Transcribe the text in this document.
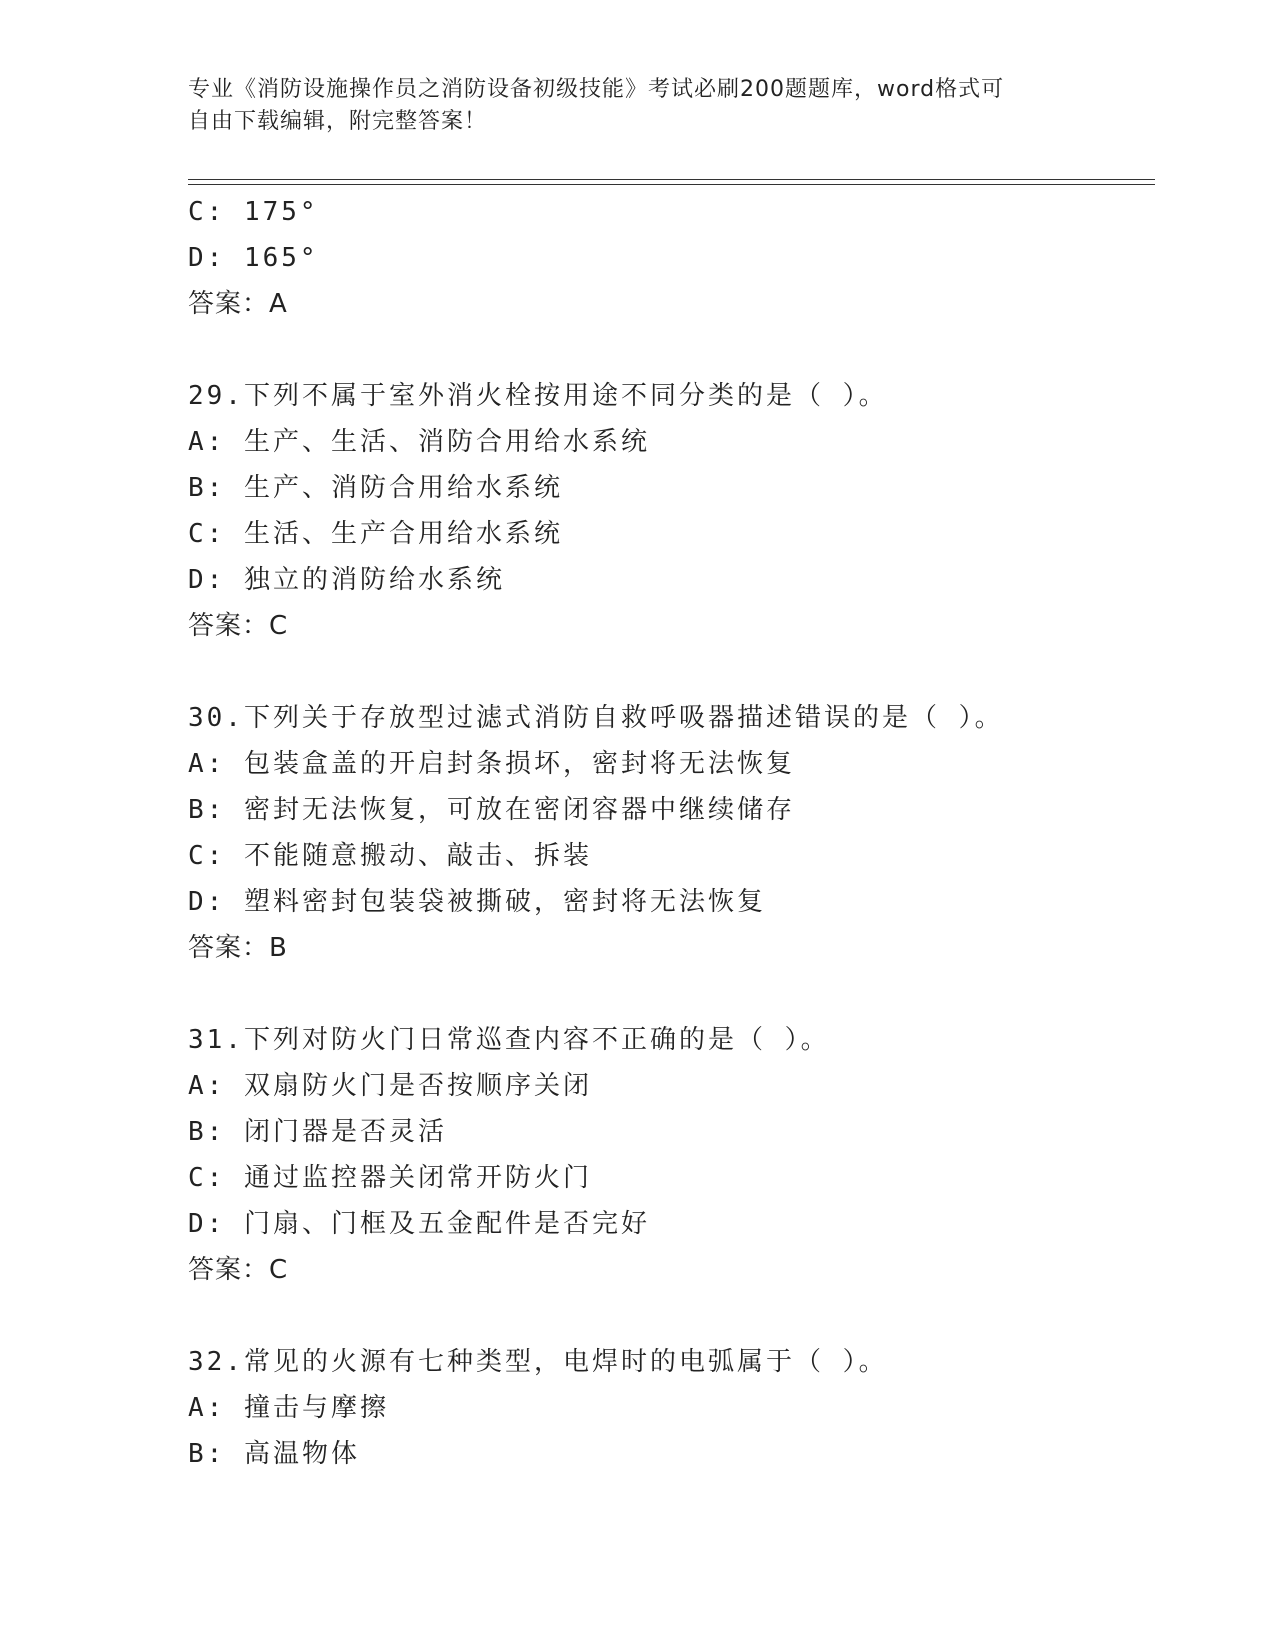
专业《消防设施操作员之消防设备初级技能》考试必刷200题题库，word格式可
自由下载编辑，附完整答案！
C: 175°
D: 165°
答案：A
29.下列不属于室外消火栓按用途不同分类的是（ ）。
A: 生产、生活、消防合用给水系统
B: 生产、消防合用给水系统
C: 生活、生产合用给水系统
D: 独立的消防给水系统
答案：C
30.下列关于存放型过滤式消防自救呼吸器描述错误的是（ ）。
A: 包装盒盖的开启封条损坏，密封将无法恢复
B: 密封无法恢复，可放在密闭容器中继续储存
C: 不能随意搬动、敲击、拆装
D: 塑料密封包装袋被撕破，密封将无法恢复
答案：B
31.下列对防火门日常巡查内容不正确的是（ ）。
A: 双扇防火门是否按顺序关闭
B: 闭门器是否灵活
C: 通过监控器关闭常开防火门
D: 门扇、门框及五金配件是否完好
答案：C
32.常见的火源有七种类型，电焊时的电弧属于（ ）。
A: 撞击与摩擦
B: 高温物体
